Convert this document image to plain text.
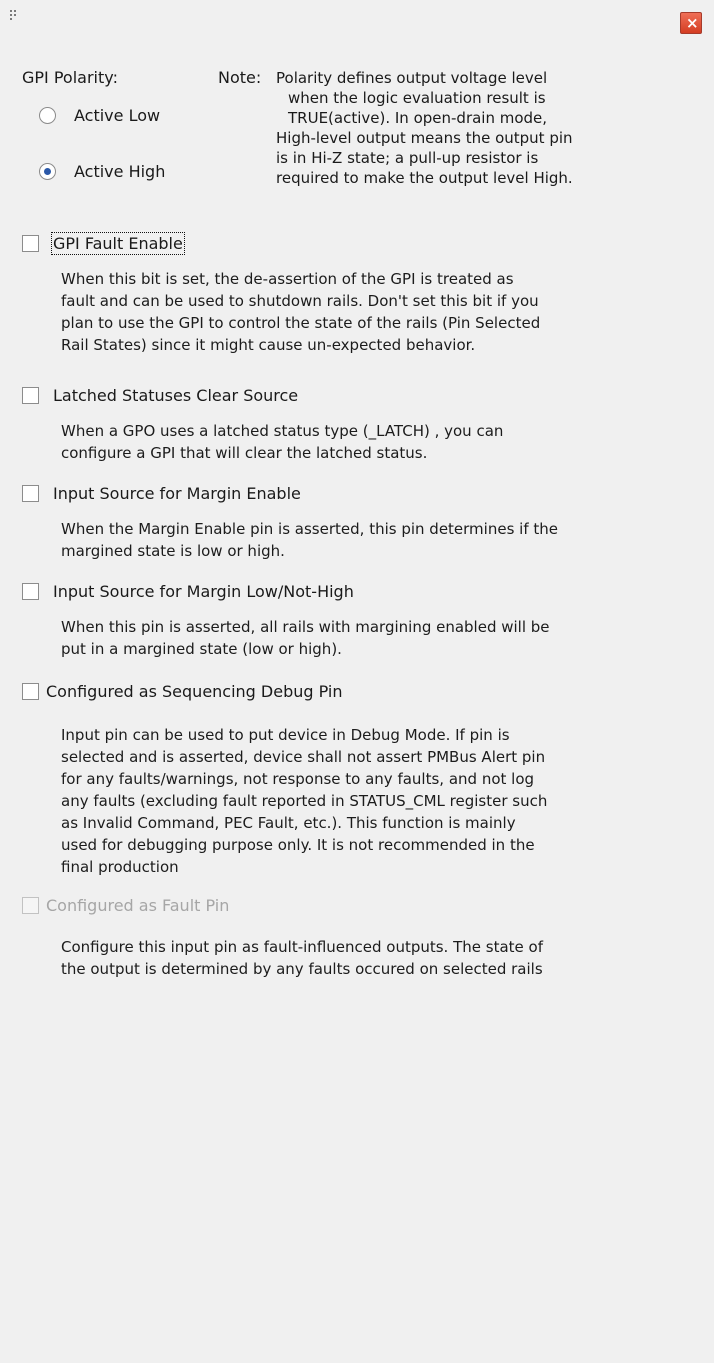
×
GPI Polarity:
Active Low
Active High
Note: Polarity defines output voltage level
when the logic evaluation result is
TRUE(active). In open-drain mode,
High-level output means the output pin
is in Hi-Z state; a pull-up resistor is
required to make the output level High.
GPI Fault Enable
When this bit is set, the de-assertion of the GPI is treated as
fault and can be used to shutdown rails. Don't set this bit if you
plan to use the GPI to control the state of the rails (Pin Selected
Rail States) since it might cause un-expected behavior.
Latched Statuses Clear Source
When a GPO uses a latched status type (_LATCH) , you can
configure a GPI that will clear the latched status.
Input Source for Margin Enable
When the Margin Enable pin is asserted, this pin determines if the
margined state is low or high.
Input Source for Margin Low/Not-High
When this pin is asserted, all rails with margining enabled will be
put in a margined state (low or high).
Configured as Sequencing Debug Pin
Input pin can be used to put device in Debug Mode. If pin is
selected and is asserted, device shall not assert PMBus Alert pin
for any faults/warnings, not response to any faults, and not log
any faults (excluding fault reported in STATUS_CML register such
as Invalid Command, PEC Fault, etc.). This function is mainly
used for debugging purpose only. It is not recommended in the
final production
Configured as Fault Pin
Configure this input pin as fault-influenced outputs. The state of
the output is determined by any faults occured on selected rails
